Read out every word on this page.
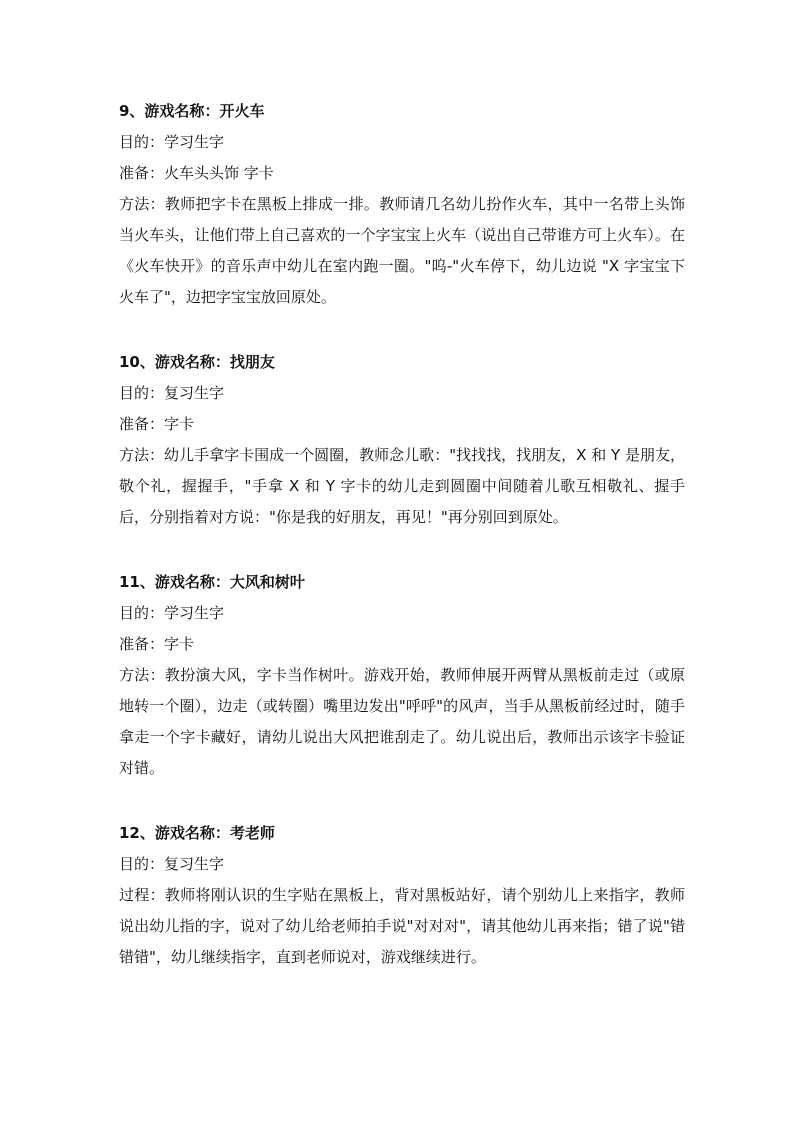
9、游戏名称：开火车

目的：学习生字

准备：火车头头饰 字卡

方法：教师把字卡在黑板上排成一排。教师请几名幼儿扮作火车，其中一名带上头饰当火车头，让他们带上自己喜欢的一个字宝宝上火车（说出自己带谁方可上火车）。在《火车快开》的音乐声中幼儿在室内跑一圈。"呜-"火车停下，幼儿边说 "X 字宝宝下火车了"，边把字宝宝放回原处。

10、游戏名称：找朋友

目的：复习生字

准备：字卡

方法：幼儿手拿字卡围成一个圆圈，教师念儿歌："找找找，找朋友，X 和 Y 是朋友，敬个礼，握握手，"手拿 X 和 Y 字卡的幼儿走到圆圈中间随着儿歌互相敬礼、握手后，分别指着对方说："你是我的好朋友，再见！"再分别回到原处。

11、游戏名称：大风和树叶

目的：学习生字

准备：字卡

方法：教扮演大风，字卡当作树叶。游戏开始，教师伸展开两臂从黑板前走过（或原地转一个圈），边走（或转圈）嘴里边发出"呼呼"的风声，当手从黑板前经过时，随手拿走一个字卡藏好，请幼儿说出大风把谁刮走了。幼儿说出后，教师出示该字卡验证对错。

12、游戏名称：考老师

目的：复习生字

过程：教师将刚认识的生字贴在黑板上，背对黑板站好，请个别幼儿上来指字，教师说出幼儿指的字，说对了幼儿给老师拍手说"对对对"，请其他幼儿再来指；错了说"错错错"，幼儿继续指字，直到老师说对，游戏继续进行。
